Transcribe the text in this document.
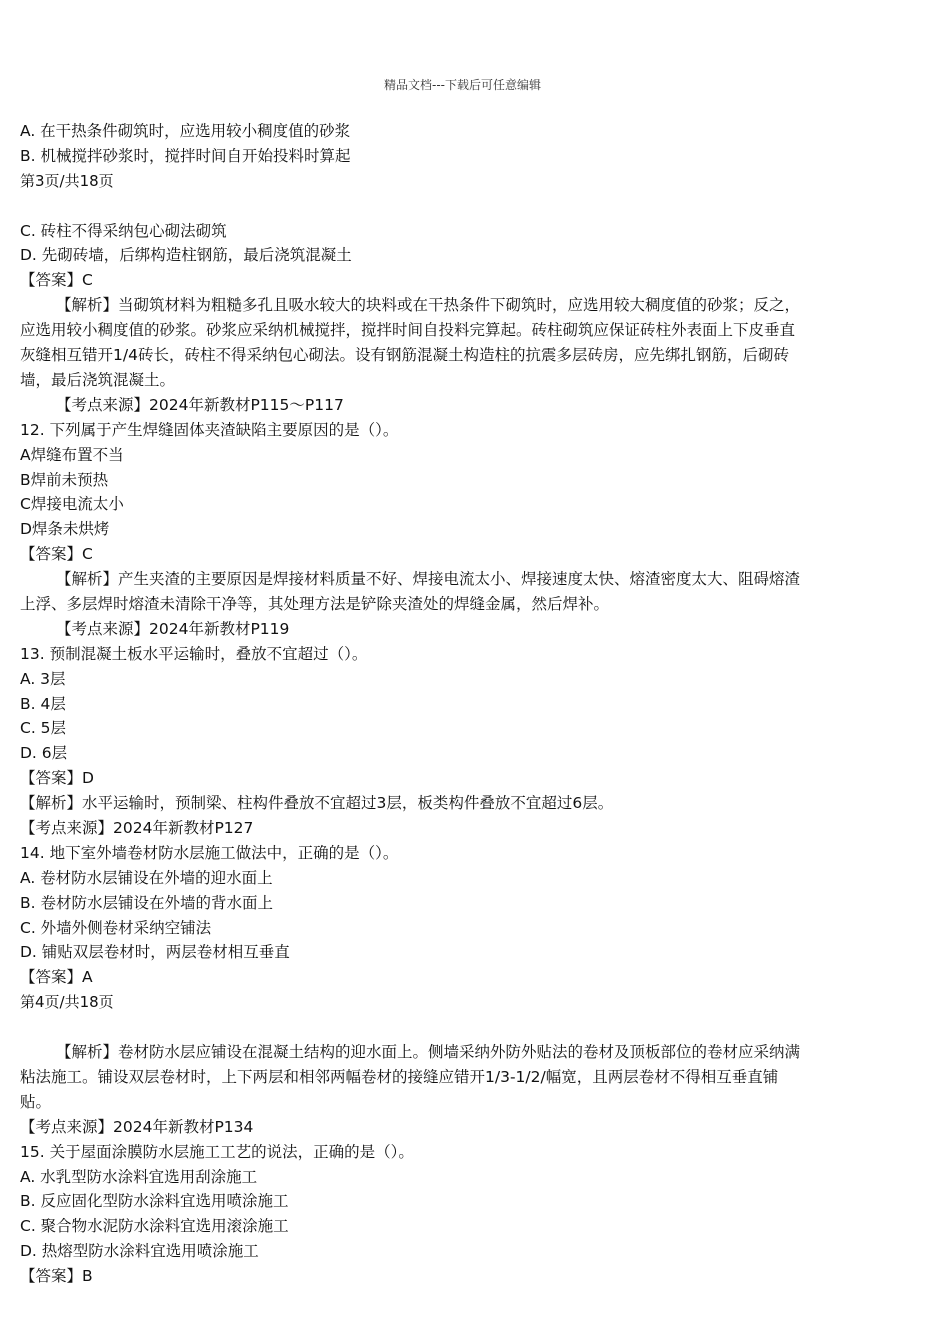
精品文档---下载后可任意编辑
A. 在干热条件砌筑时，应选用较小稠度值的砂浆
B. 机械搅拌砂浆时，搅拌时间自开始投料时算起
第3页/共18页
C. 砖柱不得采纳包心砌法砌筑
D. 先砌砖墙，后绑构造柱钢筋，最后浇筑混凝土
【答案】C
【解析】当砌筑材料为粗糙多孔且吸水较大的块料或在干热条件下砌筑时，应选用较大稠度值的砂浆；反之，应选用较小稠度值的砂浆。砂浆应采纳机械搅拌，搅拌时间自投料完算起。砖柱砌筑应保证砖柱外表面上下皮垂直灰缝相互错开1/4砖长，砖柱不得采纳包心砌法。设有钢筋混凝土构造柱的抗震多层砖房，应先绑扎钢筋，后砌砖墙，最后浇筑混凝土。
【考点来源】2024年新教材P115～P117
12. 下列属于产生焊缝固体夹渣缺陷主要原因的是（）。
A焊缝布置不当
B焊前未预热
C焊接电流太小
D焊条未烘烤
【答案】C
【解析】产生夹渣的主要原因是焊接材料质量不好、焊接电流太小、焊接速度太快、熔渣密度太大、阻碍熔渣上浮、多层焊时熔渣未清除干净等，其处理方法是铲除夹渣处的焊缝金属，然后焊补。
【考点来源】2024年新教材P119
13. 预制混凝土板水平运输时，叠放不宜超过（）。
A. 3层
B. 4层
C. 5层
D. 6层
【答案】D
【解析】水平运输时，预制梁、柱构件叠放不宜超过3层，板类构件叠放不宜超过6层。
【考点来源】2024年新教材P127
14. 地下室外墙卷材防水层施工做法中，正确的是（）。
A. 卷材防水层铺设在外墙的迎水面上
B. 卷材防水层铺设在外墙的背水面上
C. 外墙外侧卷材采纳空铺法
D. 铺贴双层卷材时，两层卷材相互垂直
【答案】A
第4页/共18页
【解析】卷材防水层应铺设在混凝土结构的迎水面上。侧墙采纳外防外贴法的卷材及顶板部位的卷材应采纳满粘法施工。铺设双层卷材时，上下两层和相邻两幅卷材的接缝应错开1/3-1/2/幅宽，且两层卷材不得相互垂直铺贴。
【考点来源】2024年新教材P134
15. 关于屋面涂膜防水层施工工艺的说法，正确的是（）。
A. 水乳型防水涂料宜选用刮涂施工
B. 反应固化型防水涂料宜选用喷涂施工
C. 聚合物水泥防水涂料宜选用滚涂施工
D. 热熔型防水涂料宜选用喷涂施工
【答案】B
